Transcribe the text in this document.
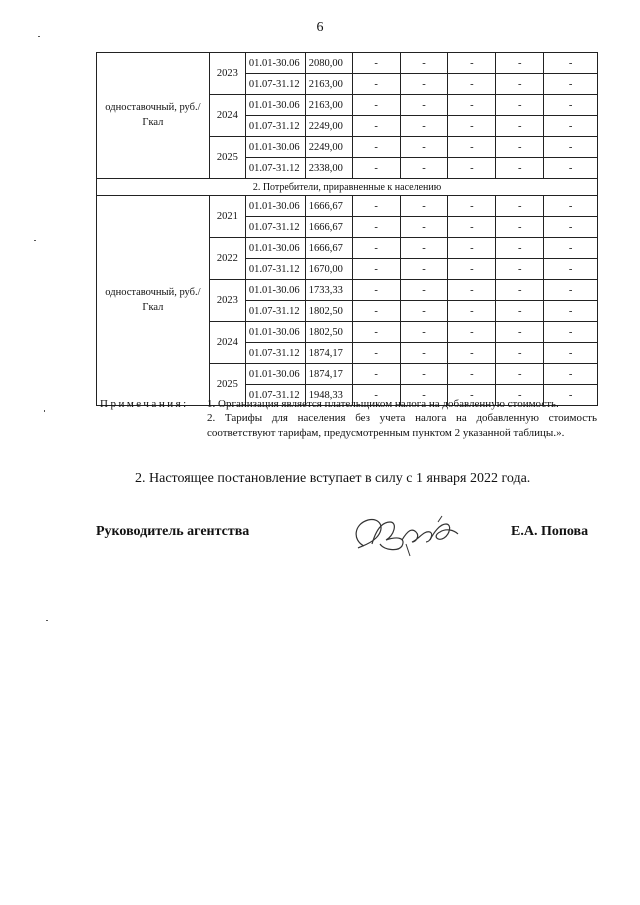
6
одноставочный, руб./Гкал	2023	01.01-30.06	2080,00	-	-	-	-	-
		01.07-31.12	2163,00	-	-	-	-	-
	2024	01.01-30.06	2163,00	-	-	-	-	-
		01.07-31.12	2249,00	-	-	-	-	-
	2025	01.01-30.06	2249,00	-	-	-	-	-
		01.07-31.12	2338,00	-	-	-	-	-
2. Потребители, приравненные к населению								
одноставочный, руб./Гкал	2021	01.01-30.06	1666,67	-	-	-	-	-
		01.07-31.12	1666,67	-	-	-	-	-
	2022	01.01-30.06	1666,67	-	-	-	-	-
		01.07-31.12	1670,00	-	-	-	-	-
	2023	01.01-30.06	1733,33	-	-	-	-	-
		01.07-31.12	1802,50	-	-	-	-	-
	2024	01.01-30.06	1802,50	-	-	-	-	-
		01.07-31.12	1874,17	-	-	-	-	-
	2025	01.01-30.06	1874,17	-	-	-	-	-
		01.07-31.12	1948,33	-	-	-	-	-
Примечания: 1. Организация является плательщиком налога на добавленную стоимость.
2. Тарифы для населения без учета налога на добавленную стоимость соответствуют тарифам, предусмотренным пунктом 2 указанной таблицы.».
2. Настоящее постановление вступает в силу с 1 января 2022 года.
Руководитель агентства	Е.А. Попова
